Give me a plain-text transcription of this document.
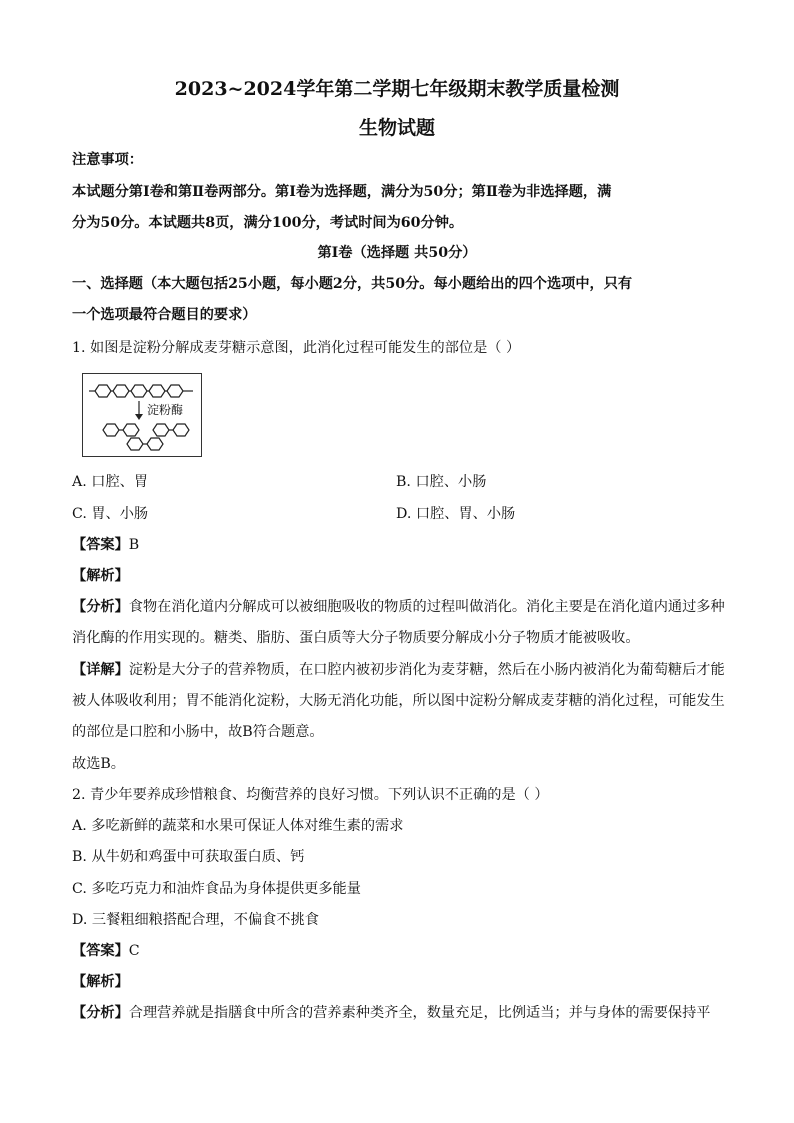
2023~2024学年第二学期七年级期末教学质量检测
生物试题
注意事项：
本试题分第Ⅰ卷和第Ⅱ卷两部分。第Ⅰ卷为选择题，满分为50分；第Ⅱ卷为非选择题，满
分为50分。本试题共8页，满分100分，考试时间为60分钟。
第Ⅰ卷（选择题 共50分）
一、选择题（本大题包括25小题，每小题2分，共50分。每小题给出的四个选项中，只有
一个选项最符合题目的要求）
1. 如图是淀粉分解成麦芽糖示意图，此消化过程可能发生的部位是（ ）
淀粉酶
A. 口腔、胃	B. 口腔、小肠
C. 胃、小肠	D. 口腔、胃、小肠
【答案】B
【解析】
【分析】食物在消化道内分解成可以被细胞吸收的物质的过程叫做消化。消化主要是在消化道内通过多种
消化酶的作用实现的。糖类、脂肪、蛋白质等大分子物质要分解成小分子物质才能被吸收。
【详解】淀粉是大分子的营养物质，在口腔内被初步消化为麦芽糖，然后在小肠内被消化为葡萄糖后才能
被人体吸收利用；胃不能消化淀粉，大肠无消化功能，所以图中淀粉分解成麦芽糖的消化过程，可能发生
的部位是口腔和小肠中，故B符合题意。
故选B。
2. 青少年要养成珍惜粮食、均衡营养的良好习惯。下列认识不正确的是（ ）
A. 多吃新鲜的蔬菜和水果可保证人体对维生素的需求
B. 从牛奶和鸡蛋中可获取蛋白质、钙
C. 多吃巧克力和油炸食品为身体提供更多能量
D. 三餐粗细粮搭配合理，不偏食不挑食
【答案】C
【解析】
【分析】合理营养就是指膳食中所含的营养素种类齐全，数量充足，比例适当；并与身体的需要保持平
